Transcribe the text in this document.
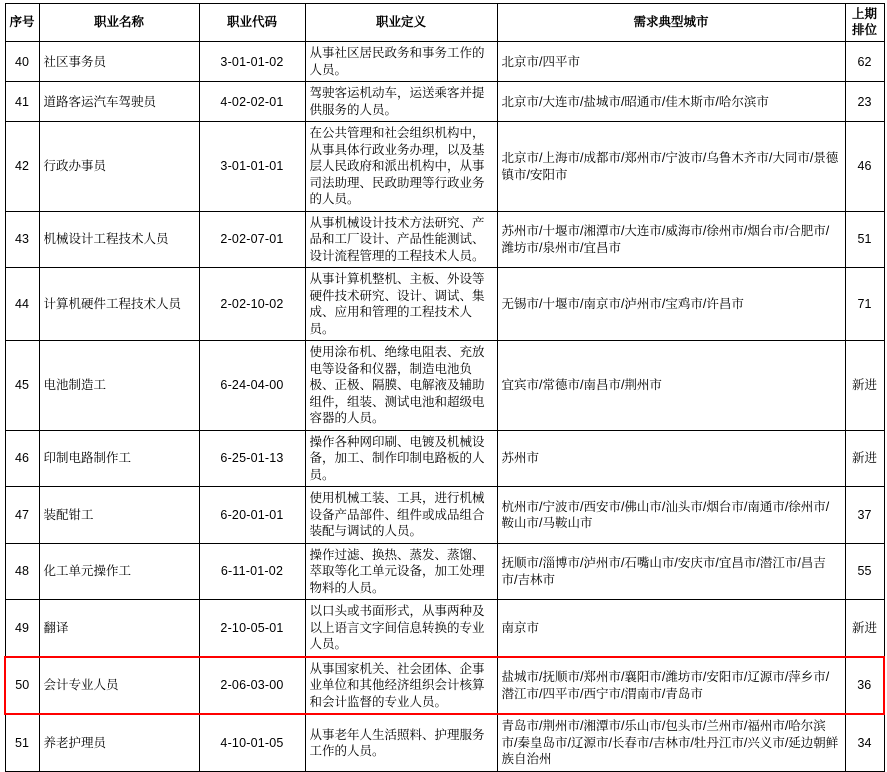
序号	职业名称	职业代码	职业定义	需求典型城市	上期
排位

40	社区事务员	3-01-01-02	从事社区居民政务和事务工作的人员。	北京市/四平市	62
41	道路客运汽车驾驶员	4-02-02-01	驾驶客运机动车，运送乘客并提供服务的人员。	北京市/大连市/盐城市/昭通市/佳木斯市/哈尔滨市	23
42	行政办事员	3-01-01-01	在公共管理和社会组织机构中，从事具体行政业务办理，以及基层人民政府和派出机构中，从事司法助理、民政助理等行政业务的人员。	北京市/上海市/成都市/郑州市/宁波市/乌鲁木齐市/大同市/景德镇市/安阳市	46
43	机械设计工程技术人员	2-02-07-01	从事机械设计技术方法研究、产品和工厂设计、产品性能测试、设计流程管理的工程技术人员。	苏州市/十堰市/湘潭市/大连市/威海市/徐州市/烟台市/合肥市/潍坊市/泉州市/宜昌市	51
44	计算机硬件工程技术人员	2-02-10-02	从事计算机整机、主板、外设等硬件技术研究、设计、调试、集成、应用和管理的工程技术人员。	无锡市/十堰市/南京市/泸州市/宝鸡市/许昌市	71
45	电池制造工	6-24-04-00	使用涂布机、绝缘电阻表、充放电等设备和仪器，制造电池负极、正极、隔膜、电解液及辅助组件，组装、测试电池和超级电容器的人员。	宜宾市/常德市/南昌市/荆州市	新进
46	印制电路制作工	6-25-01-13	操作各种网印刷、电镀及机械设备，加工、制作印制电路板的人员。	苏州市	新进
47	装配钳工	6-20-01-01	使用机械工装、工具，进行机械设备产品部件、组件或成品组合装配与调试的人员。	杭州市/宁波市/西安市/佛山市/汕头市/烟台市/南通市/徐州市/鞍山市/马鞍山市	37
48	化工单元操作工	6-11-01-02	操作过滤、换热、蒸发、蒸馏、萃取等化工单元设备，加工处理物料的人员。	抚顺市/淄博市/泸州市/石嘴山市/安庆市/宜昌市/潜江市/昌吉市/吉林市	55
49	翻译	2-10-05-01	以口头或书面形式，从事两种及以上语言文字间信息转换的专业人员。	南京市	新进
50	会计专业人员	2-06-03-00	从事国家机关、社会团体、企事业单位和其他经济组织会计核算和会计监督的专业人员。	盐城市/抚顺市/郑州市/襄阳市/潍坊市/安阳市/辽源市/萍乡市/潜江市/四平市/西宁市/渭南市/青岛市	36
51	养老护理员	4-10-01-05	从事老年人生活照料、护理服务工作的人员。	青岛市/荆州市/湘潭市/乐山市/包头市/兰州市/福州市/哈尔滨市/秦皇岛市/辽源市/长春市/吉林市/牡丹江市/兴义市/延边朝鲜族自治州	34
